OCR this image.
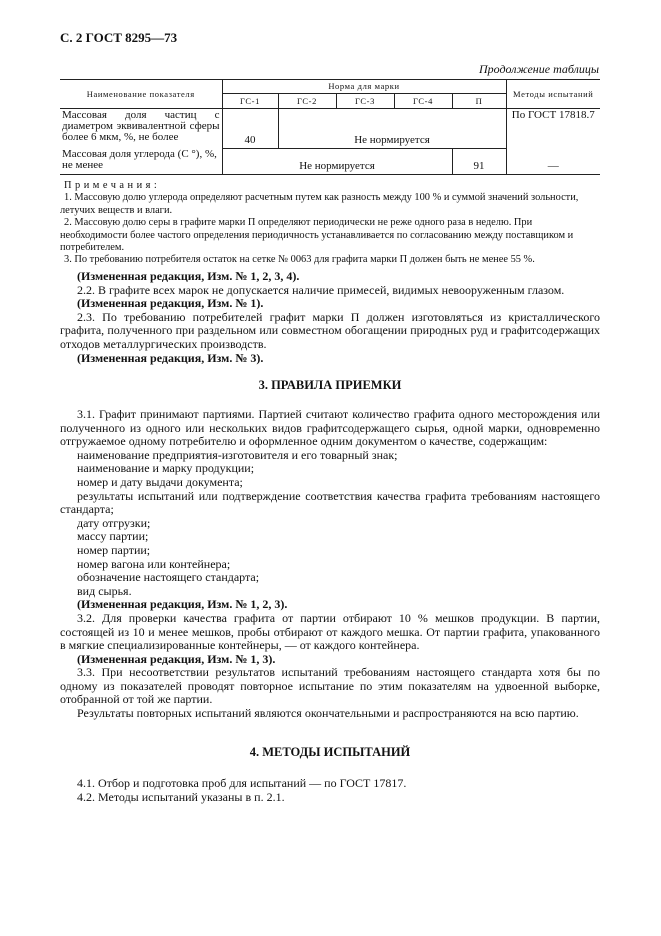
С. 2 ГОСТ 8295—73
Продолжение таблицы
Наименование показателя	Норма для марки					Методы испытаний
	ГС-1	ГС-2	ГС-3	ГС-4	П	
Массовая доля частиц с диаметром эквивалентной сферы более 6 мкм, %, не более	40	Не нормируется				По ГОСТ 17818.7
Массовая доля углерода (С °), %, не менее	Не нормируется				91	—

Примечания:

1. Массовую долю углерода определяют расчетным путем как разность между 100 % и суммой значений зольности, летучих веществ и влаги.

2. Массовую долю серы в графите марки П определяют периодически не реже одного раза в неделю. При необходимости более частого определения периодичность устанавливается по согласованию между поставщиком и потребителем.

3. По требованию потребителя остаток на сетке № 0063 для графита марки П должен быть не менее 55 %.

(Измененная редакция, Изм. № 1, 2, 3, 4).

2.2. В графите всех марок не допускается наличие примесей, видимых невооруженным глазом.

(Измененная редакция, Изм. № 1).

2.3. По требованию потребителей графит марки П должен изготовляться из кристаллического графита, полученного при раздельном или совместном обогащении природных руд и графитсодержащих отходов металлургических производств.

(Измененная редакция, Изм. № 3).

3. ПРАВИЛА ПРИЕМКИ

3.1. Графит принимают партиями. Партией считают количество графита одного месторождения или полученного из одного или нескольких видов графитсодержащего сырья, одной марки, одновременно отгружаемое одному потребителю и оформленное одним документом о качестве, содержащим:

наименование предприятия-изготовителя и его товарный знак;

наименование и марку продукции;

номер и дату выдачи документа;

результаты испытаний или подтверждение соответствия качества графита требованиям настоящего стандарта;

дату отгрузки;

массу партии;

номер партии;

номер вагона или контейнера;

обозначение настоящего стандарта;

вид сырья.

(Измененная редакция, Изм. № 1, 2, 3).

3.2. Для проверки качества графита от партии отбирают 10 % мешков продукции. В партии, состоящей из 10 и менее мешков, пробы отбирают от каждого мешка. От партии графита, упакованного в мягкие специализированные контейнеры, — от каждого контейнера.

(Измененная редакция, Изм. № 1, 3).

3.3. При несоответствии результатов испытаний требованиям настоящего стандарта хотя бы по одному из показателей проводят повторное испытание по этим показателям на удвоенной выборке, отобранной от той же партии.

Результаты повторных испытаний являются окончательными и распространяются на всю партию.

4. МЕТОДЫ ИСПЫТАНИЙ

4.1. Отбор и подготовка проб для испытаний — по ГОСТ 17817.

4.2. Методы испытаний указаны в п. 2.1.
